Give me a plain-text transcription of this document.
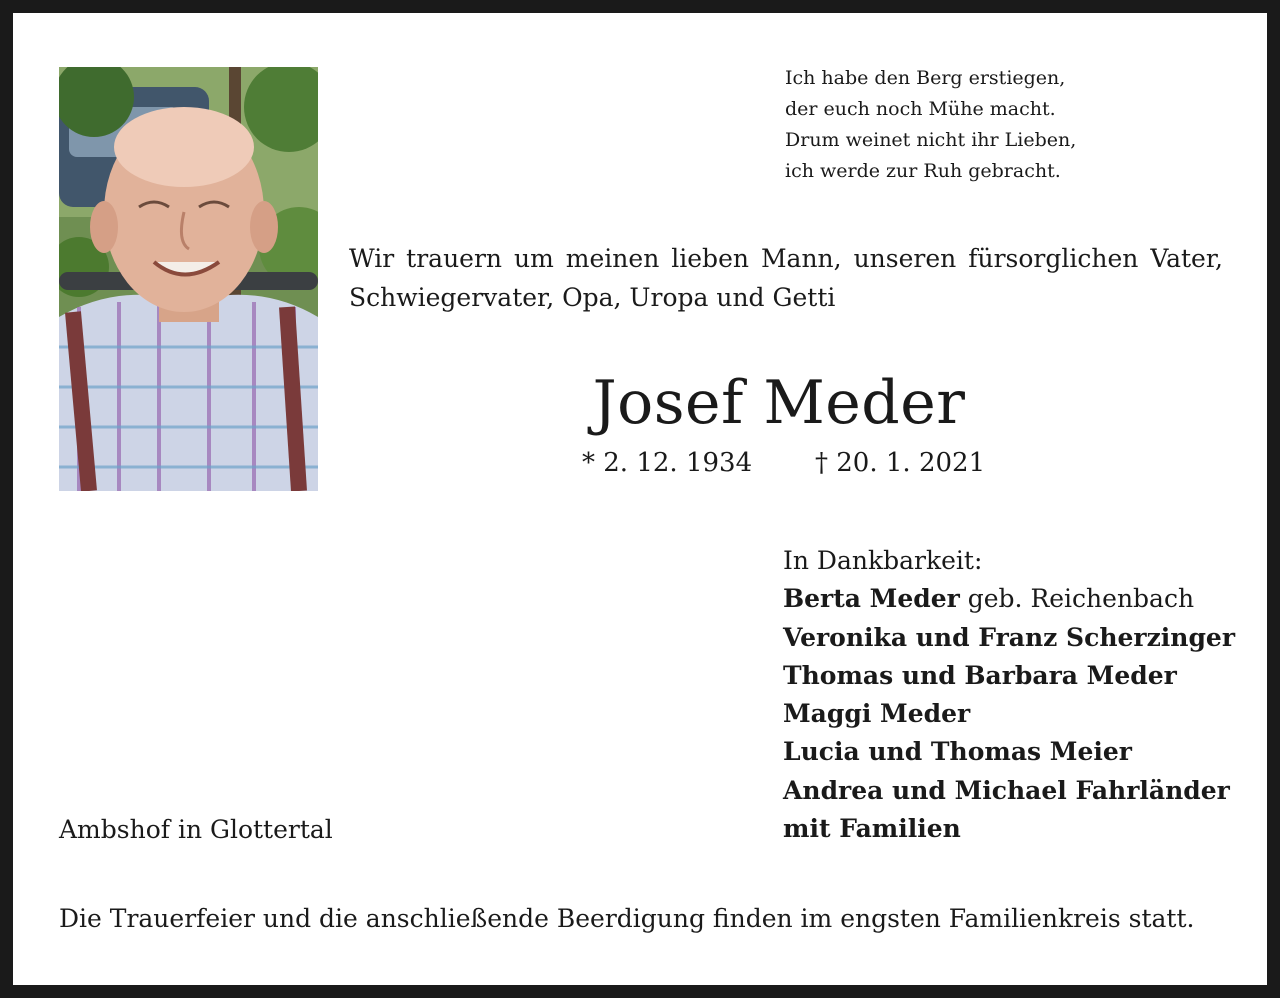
Ich habe den Berg erstiegen,
der euch noch Mühe macht.
Drum weinet nicht ihr Lieben,
ich werde zur Ruh gebracht.
Wir trauern um meinen lieben Mann, unseren fürsorglichen Vater, Schwiegervater, Opa, Uropa und Getti
Josef Meder
* 2. 12. 1934 † 20. 1. 2021
In Dankbarkeit:
Berta Meder geb. Reichenbach
Veronika und Franz Scherzinger
Thomas und Barbara Meder
Maggi Meder
Lucia und Thomas Meier
Andrea und Michael Fahrländer
mit Familien
Ambshof in Glottertal
Die Trauerfeier und die anschließende Beerdigung finden im engsten Familienkreis statt.
